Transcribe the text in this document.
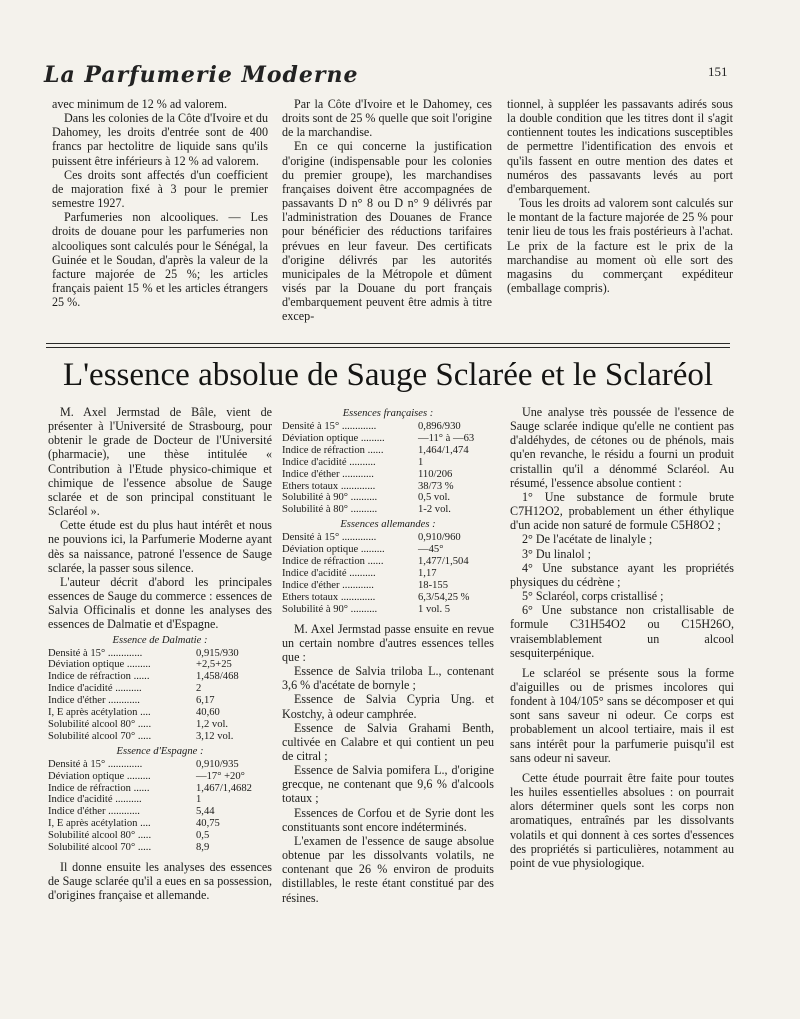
La Parfumerie Moderne	151

avec minimum de 12 % ad valorem.

Dans les colonies de la Côte d'Ivoire et du Dahomey, les droits d'entrée sont de 400 francs par hectolitre de liquide sans qu'ils puissent être inférieurs à 12 % ad valorem.

Ces droits sont affectés d'un coefficient de majoration fixé à 3 pour le premier semestre 1927.

Parfumeries non alcooliques. — Les droits de douane pour les parfumeries non alcooliques sont calculés pour le Sénégal, la Guinée et le Soudan, d'après la valeur de la facture majorée de 25 %; les articles français paient 15 % et les articles étrangers 25 %.

Par la Côte d'Ivoire et le Dahomey, ces droits sont de 25 % quelle que soit l'origine de la marchandise.

En ce qui concerne la justification d'origine (indispensable pour les colonies du premier groupe), les marchandises françaises doivent être accompagnées de passavants D n° 8 ou D n° 9 délivrés par l'administration des Douanes de France pour bénéficier des réductions tarifaires prévues en leur faveur. Des certificats d'origine délivrés par les autorités municipales de la Métropole et dûment visés par la Douane du port français d'embarquement peuvent être admis à titre excep-

tionnel, à suppléer les passavants adirés sous la double condition que les titres dont il s'agit contiennent toutes les indications susceptibles de permettre l'identification des envois et qu'ils fassent en outre mention des dates et numéros des passavants levés au port d'embarquement.

Tous les droits ad valorem sont calculés sur le montant de la facture majorée de 25 % pour tenir lieu de tous les frais postérieurs à l'achat. Le prix de la facture est le prix de la marchandise au moment où elle sort des magasins du commerçant expéditeur (emballage compris).

L'essence absolue de Sauge Sclarée et le Sclaréol

M. Axel Jermstad de Bâle, vient de présenter à l'Université de Strasbourg, pour obtenir le grade de Docteur de l'Université (pharmacie), une thèse intitulée « Contribution à l'Etude physico-chimique et chimique de l'essence absolue de Sauge sclarée et de son principal constituant le Sclaréol ».

Cette étude est du plus haut intérêt et nous ne pouvions ici, la Parfumerie Moderne ayant dès sa naissance, patroné l'essence de Sauge sclarée, la passer sous silence.

L'auteur décrit d'abord les principales essences de Sauge du commerce : essences de Salvia Officinalis et donne les analyses des essences de Dalmatie et d'Espagne.

Essence de Dalmatie :
Densité à 15° .............	0,915/930
Déviation optique .........	+2,5+25
Indice de réfraction ......	1,458/468
Indice d'acidité ..........	2
Indice d'éther ............	6,17
I, E après acétylation ....	40,60
Solubilité alcool 80° .....	1,2 vol.
Solubilité alcool 70° .....	3,12 vol.
Essence d'Espagne :
Densité à 15° .............	0,910/935
Déviation optique .........	—17° +20°
Indice de réfraction ......	1,467/1,4682
Indice d'acidité ..........	1
Indice d'éther ............	5,44
I, E après acétylation ....	40,75
Solubilité alcool 80° .....	0,5
Solubilité alcool 70° .....	8,9

Il donne ensuite les analyses des essences de Sauge sclarée qu'il a eues en sa possession, d'origines française et allemande.

Essences françaises :
Densité à 15° .............	0,896/930
Déviation optique .........	—11° à —63
Indice de réfraction ......	1,464/1,474
Indice d'acidité ..........	1
Indice d'éther ............	110/206
Ethers totaux .............	38/73 %
Solubilité à 90° ..........	0,5 vol.
Solubilité à 80° ..........	1-2 vol.
Essences allemandes :
Densité à 15° .............	0,910/960
Déviation optique .........	—45°
Indice de réfraction ......	1,477/1,504
Indice d'acidité ..........	1,17
Indice d'éther ............	18-155
Ethers totaux .............	6,3/54,25 %
Solubilité à 90° ..........	1 vol. 5

M. Axel Jermstad passe ensuite en revue un certain nombre d'autres essences telles que :

Essence de Salvia triloba L., contenant 3,6 % d'acétate de bornyle ;

Essence de Salvia Cypria Ung. et Kostchy, à odeur camphrée.

Essence de Salvia Grahami Benth, cultivée en Calabre et qui contient un peu de citral ;

Essence de Salvia pomifera L., d'origine grecque, ne contenant que 9,6 % d'alcools totaux ;

Essences de Corfou et de Syrie dont les constituants sont encore indéterminés.

L'examen de l'essence de sauge absolue obtenue par les dissolvants volatils, ne contenant que 26 % environ de produits distillables, le reste étant constitué par des résines.

Une analyse très poussée de l'essence de Sauge sclarée indique qu'elle ne contient pas d'aldéhydes, de cétones ou de phénols, mais qu'en revanche, le résidu a fourni un produit cristallin qu'il a dénommé Sclaréol. Au résumé, l'essence absolue contient :

1° Une substance de formule brute C7H12O2, probablement un éther éthylique d'un acide non saturé de formule C5H8O2 ;

2° De l'acétate de linalyle ;

3° Du linalol ;

4° Une substance ayant les propriétés physiques du cédrène ;

5° Sclaréol, corps cristallisé ;

6° Une substance non cristallisable de formule C31H54O2 ou C15H26O, vraisemblablement un alcool sesquiterpénique.

Le sclaréol se présente sous la forme d'aiguilles ou de prismes incolores qui fondent à 104/105° sans se décomposer et qui sont sans saveur ni odeur. Ce corps est probablement un alcool tertiaire, mais il est sans intérêt pour la parfumerie puisqu'il est sans odeur ni saveur.

Cette étude pourrait être faite pour toutes les huiles essentielles absolues : on pourrait alors déterminer quels sont les corps non aromatiques, entraînés par les dissolvants volatils et qui donnent à ces sortes d'essences des propriétés si particulières, notamment au point de vue physiologique.
